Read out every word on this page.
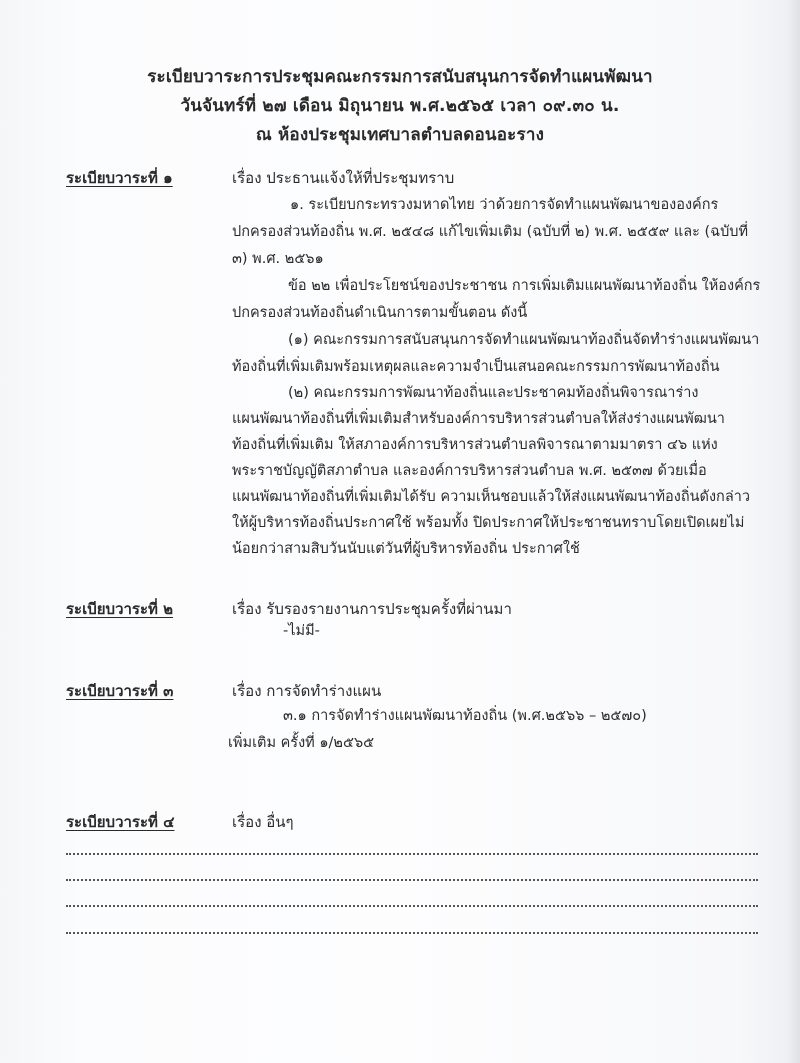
ระเบียบวาระการประชุมคณะกรรมการสนับสนุนการจัดทำแผนพัฒนา
วันจันทร์ที่ ๒๗ เดือน มิถุนายน พ.ศ.๒๕๖๕ เวลา ๐๙.๓๐ น.
ณ ห้องประชุมเทศบาลตำบลดอนอะราง
ระเบียบวาระที่ ๑	เรื่อง ประธานแจ้งให้ที่ประชุมทราบ
๑. ระเบียบกระทรวงมหาดไทย ว่าด้วยการจัดทำแผนพัฒนาขององค์กร
ปกครองส่วนท้องถิ่น พ.ศ. ๒๕๔๘ แก้ไขเพิ่มเติม (ฉบับที่ ๒) พ.ศ. ๒๕๕๙ และ (ฉบับที่
๓) พ.ศ. ๒๕๖๑
ข้อ ๒๒ เพื่อประโยชน์ของประชาชน การเพิ่มเติมแผนพัฒนาท้องถิ่น ให้องค์กร
ปกครองส่วนท้องถิ่นดำเนินการตามขั้นตอน ดังนี้
(๑) คณะกรรมการสนับสนุนการจัดทำแผนพัฒนาท้องถิ่นจัดทำร่างแผนพัฒนา
ท้องถิ่นที่เพิ่มเติมพร้อมเหตุผลและความจำเป็นเสนอคณะกรรมการพัฒนาท้องถิ่น
(๒) คณะกรรมการพัฒนาท้องถิ่นและประชาคมท้องถิ่นพิจารณาร่าง
แผนพัฒนาท้องถิ่นที่เพิ่มเติมสำหรับองค์การบริหารส่วนตำบลให้ส่งร่างแผนพัฒนา
ท้องถิ่นที่เพิ่มเติม ให้สภาองค์การบริหารส่วนตำบลพิจารณาตามมาตรา ๔๖ แห่ง
พระราชบัญญัติสภาตำบล และองค์การบริหารส่วนตำบล พ.ศ. ๒๕๓๗ ด้วยเมื่อ
แผนพัฒนาท้องถิ่นที่เพิ่มเติมได้รับ ความเห็นชอบแล้วให้ส่งแผนพัฒนาท้องถิ่นดังกล่าว
ให้ผู้บริหารท้องถิ่นประกาศใช้ พร้อมทั้ง ปิดประกาศให้ประชาชนทราบโดยเปิดเผยไม่
น้อยกว่าสามสิบวันนับแต่วันที่ผู้บริหารท้องถิ่น ประกาศใช้
ระเบียบวาระที่ ๒	เรื่อง รับรองรายงานการประชุมครั้งที่ผ่านมา
-ไม่มี-
ระเบียบวาระที่ ๓	เรื่อง การจัดทำร่างแผน
๓.๑ การจัดทำร่างแผนพัฒนาท้องถิ่น (พ.ศ.๒๕๖๖ – ๒๕๗๐)
เพิ่มเติม ครั้งที่ ๑/๒๕๖๕
ระเบียบวาระที่ ๔	เรื่อง อื่นๆ
